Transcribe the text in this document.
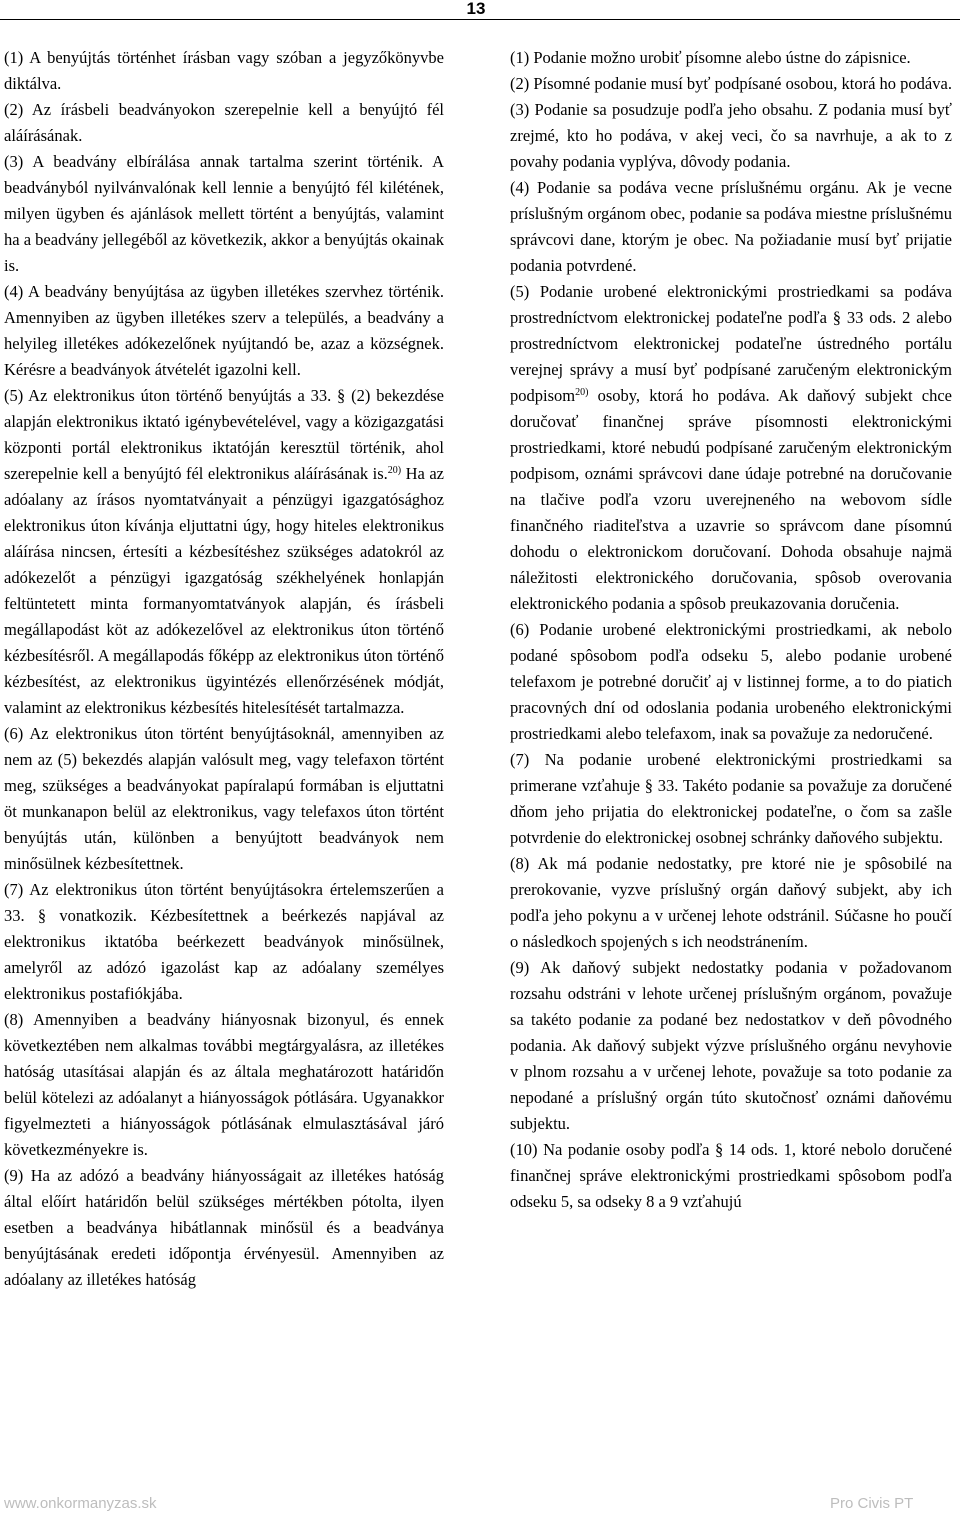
13

(1) A benyújtás történhet írásban vagy szóban a jegyzőkönyvbe diktálva.

(2) Az írásbeli beadványokon szerepelnie kell a benyújtó fél aláírásának.

(3) A beadvány elbírálása annak tartalma szerint történik. A beadványból nyilvánvalónak kell lennie a benyújtó fél kilétének, milyen ügyben és ajánlások mellett történt a benyújtás, valamint ha a beadvány jellegéből az következik, akkor a benyújtás okainak is.

(4) A beadvány benyújtása az ügyben illetékes szervhez történik. Amennyiben az ügyben illetékes szerv a település, a beadvány a helyileg illetékes adókezelőnek nyújtandó be, azaz a községnek. Kérésre a beadványok átvételét igazolni kell.

(5) Az elektronikus úton történő benyújtás a 33. § (2) bekezdése alapján elektronikus iktató igénybevételével, vagy a közigazgatási központi portál elektronikus iktatóján keresztül történik, ahol szerepelnie kell a benyújtó fél elektronikus aláírásának is.$^{20)}$ Ha az adóalany az írásos nyomtatványait a pénzügyi igazgatósághoz elektronikus úton kívánja eljuttatni úgy, hogy hiteles elektronikus aláírása nincsen, értesíti a kézbesítéshez szükséges adatokról az adókezelőt a pénzügyi igazgatóság székhelyének honlapján feltüntetett minta formanyomtatványok alapján, és írásbeli megállapodást köt az adókezelővel az elektronikus úton történő kézbesítésről. A megállapodás főképp az elektronikus úton történő kézbesítést, az elektronikus ügyintézés ellenőrzésének módját, valamint az elektronikus kézbesítés hitelesítését tartalmazza.

(6) Az elektronikus úton történt benyújtásoknál, amennyiben az nem az (5) bekezdés alapján valósult meg, vagy telefaxon történt meg, szükséges a beadványokat papíralapú formában is eljuttatni öt munkanapon belül az elektronikus, vagy telefaxos úton történt benyújtás után, különben a benyújtott beadványok nem minősülnek kézbesítettnek.

(7) Az elektronikus úton történt benyújtásokra értelemszerűen a 33. § vonatkozik. Kézbesítettnek a beérkezés napjával az elektronikus iktatóba beérkezett beadványok minősülnek, amelyről az adózó igazolást kap az adóalany személyes elektronikus postafiókjába.

(8) Amennyiben a beadvány hiányosnak bizonyul, és ennek következtében nem alkalmas további megtárgyalásra, az illetékes hatóság utasításai alapján és az általa meghatározott határidőn belül kötelezi az adóalanyt a hiányosságok pótlására. Ugyanakkor figyelmezteti a hiányosságok pótlásának elmulasztásával járó következményekre is.

(9) Ha az adózó a beadvány hiányosságait az illetékes hatóság által előírt határidőn belül szükséges mértékben pótolta, ilyen esetben a beadványa hibátlannak minősül és a beadványa benyújtásának eredeti időpontja érvényesül. Amennyiben az adóalany az illetékes hatóság

(1) Podanie možno urobiť písomne alebo ústne do zápisnice.

(2) Písomné podanie musí byť podpísané osobou, ktorá ho podáva.

(3) Podanie sa posudzuje podľa jeho obsahu. Z podania musí byť zrejmé, kto ho podáva, v akej veci, čo sa navrhuje, a ak to z povahy podania vyplýva, dôvody podania.

(4) Podanie sa podáva vecne príslušnému orgánu. Ak je vecne príslušným orgánom obec, podanie sa podáva miestne príslušnému správcovi dane, ktorým je obec. Na požiadanie musí byť prijatie podania potvrdené.

(5) Podanie urobené elektronickými prostriedkami sa podáva prostredníctvom elektronickej podateľne podľa § 33 ods. 2 alebo prostredníctvom elektronickej podateľne ústredného portálu verejnej správy a musí byť podpísané zaručeným elektronickým podpisom$^{20)}$ osoby, ktorá ho podáva. Ak daňový subjekt chce doručovať finančnej správe písomnosti elektronickými prostriedkami, ktoré nebudú podpísané zaručeným elektronickým podpisom, oznámi správcovi dane údaje potrebné na doručovanie na tlačive podľa vzoru uverejneného na webovom sídle finančného riaditeľstva a uzavrie so správcom dane písomnú dohodu o elektronickom doručovaní. Dohoda obsahuje najmä náležitosti elektronického doručovania, spôsob overovania elektronického podania a spôsob preukazovania doručenia.

(6) Podanie urobené elektronickými prostriedkami, ak nebolo podané spôsobom podľa odseku 5, alebo podanie urobené telefaxom je potrebné doručiť aj v listinnej forme, a to do piatich pracovných dní od odoslania podania urobeného elektronickými prostriedkami alebo telefaxom, inak sa považuje za nedoručené.

(7) Na podanie urobené elektronickými prostriedkami sa primerane vzťahuje § 33. Takéto podanie sa považuje za doručené dňom jeho prijatia do elektronickej podateľne, o čom sa zašle potvrdenie do elektronickej osobnej schránky daňového subjektu.

(8) Ak má podanie nedostatky, pre ktoré nie je spôsobilé na prerokovanie, vyzve príslušný orgán daňový subjekt, aby ich podľa jeho pokynu a v určenej lehote odstránil. Súčasne ho poučí o následkoch spojených s ich neodstránením.

(9) Ak daňový subjekt nedostatky podania v požadovanom rozsahu odstráni v lehote určenej príslušným orgánom, považuje sa takéto podanie za podané bez nedostatkov v deň pôvodného podania. Ak daňový subjekt výzve príslušného orgánu nevyhovie v plnom rozsahu a v určenej lehote, považuje sa toto podanie za nepodané a príslušný orgán túto skutočnosť oznámi daňovému subjektu.

(10) Na podanie osoby podľa § 14 ods. 1, ktoré nebolo doručené finančnej správe elektronickými prostriedkami spôsobom podľa odseku 5, sa odseky 8 a 9 vzťahujú

www.onkormanyzas.sk	Pro Civis PT
